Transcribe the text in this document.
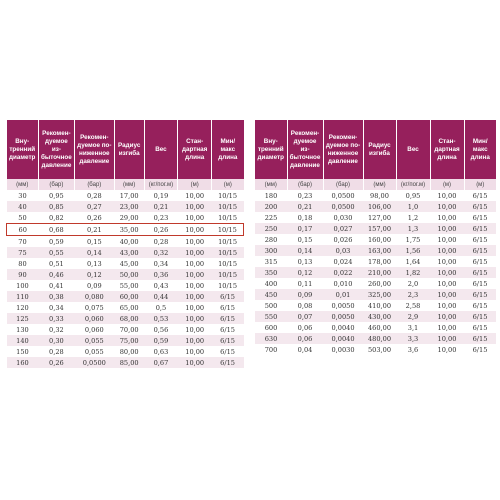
Вну-
тренний
диаметр	Рекомен-
дуемое из-
быточное
давление	Рекомен-
дуемое по-
ниженное
давление	Радиус
изгиба	Вес	Стан-
дартная
длина	Мин/
макс
длина
(мм)	(бар)	(бар)	(мм)	(кг/пог.м)	(м)	(м)
30	0,95	0,28	17,00	0,19	10,00	10/15
40	0,85	0,27	23,00	0,21	10,00	10/15
50	0,82	0,26	29,00	0,23	10,00	10/15
60	0,68	0,21	35,00	0,26	10,00	10/15
70	0,59	0,15	40,00	0,28	10,00	10/15
75	0,55	0,14	43,00	0,32	10,00	10/15
80	0,51	0,13	45,00	0,34	10,00	10/15
90	0,46	0,12	50,00	0,36	10,00	10/15
100	0,41	0,09	55,00	0,43	10,00	10/15
110	0,38	0,080	60,00	0,44	10,00	6/15
120	0,34	0,075	65,00	0,5	10,00	6/15
125	0,33	0,060	68,00	0,53	10,00	6/15
130	0,32	0,060	70,00	0,56	10,00	6/15
140	0,30	0,055	75,00	0,59	10,00	6/15
150	0,28	0,055	80,00	0,63	10,00	6/15
160	0,26	0,0500	85,00	0,67	10,00	6/15
Вну-
тренний
диаметр	Рекомен-
дуемое из-
быточное
давление	Рекомен-
дуемое по-
ниженное
давление	Радиус
изгиба	Вес	Стан-
дартная
длина	Мин/
макс
длина
(мм)	(бар)	(бар)	(мм)	(кг/пог.м)	(м)	(м)
180	0,23	0,0500	98,00	0,95	10,00	6/15
200	0,21	0,0500	106,00	1,0	10,00	6/15
225	0,18	0,030	127,00	1,2	10,00	6/15
250	0,17	0,027	157,00	1,3	10,00	6/15
280	0,15	0,026	160,00	1,75	10,00	6/15
300	0,14	0,03	163,00	1,56	10,00	6/15
315	0,13	0,024	178,00	1,64	10,00	6/15
350	0,12	0,022	210,00	1,82	10,00	6/15
400	0,11	0,010	260,00	2,0	10,00	6/15
450	0,09	0,01	325,00	2,3	10,00	6/15
500	0,08	0,0050	410,00	2,58	10,00	6/15
550	0,07	0,0050	430,00	2,9	10,00	6/15
600	0,06	0,0040	460,00	3,1	10,00	6/15
630	0,06	0,0040	480,00	3,3	10,00	6/15
700	0,04	0,0030	503,00	3,6	10,00	6/15
